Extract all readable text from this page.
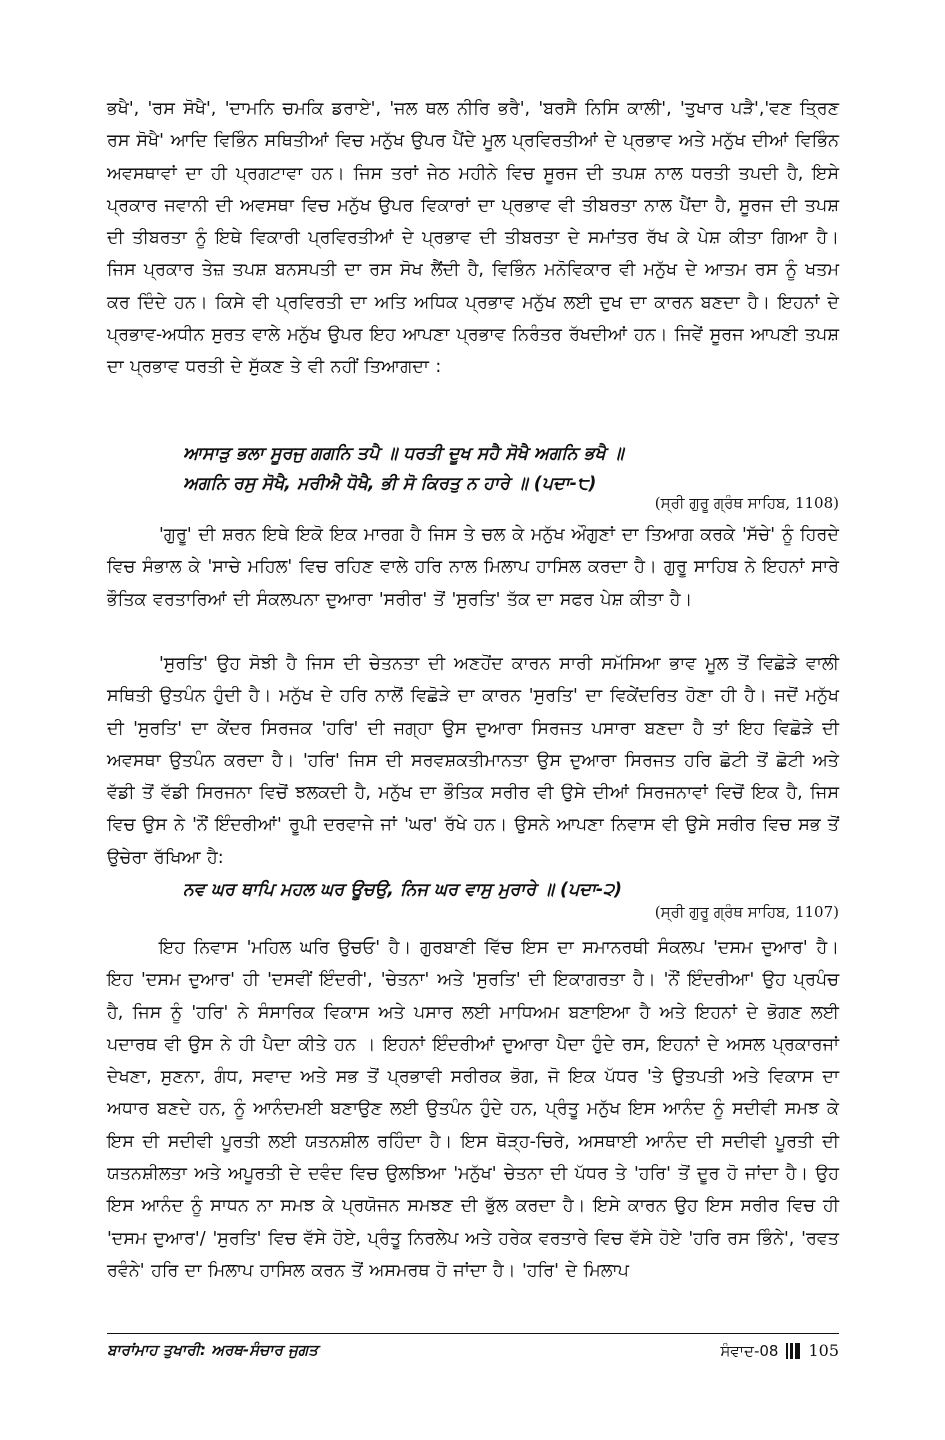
ਭਖੈ', 'ਰਸ ਸੋਖੈ', 'ਦਾਮਨਿ ਚਮਕਿ ਡਰਾਏ', 'ਜਲ ਥਲ ਨੀਰਿ ਭਰੈ', 'ਬਰਸੈ ਨਿਸਿ ਕਾਲੀ', 'ਤੁਖਾਰ ਪੜੈ','ਵਣ ਤ੍ਰਿਣ ਰਸ ਸੋਖੈ' ਆਦਿ ਵਿਭਿੰਨ ਸਥਿਤੀਆਂ ਵਿਚ ਮਨੁੱਖ ਉਪਰ ਪੈਂਦੇ ਮੂਲ ਪ੍ਰਵਿਰਤੀਆਂ ਦੇ ਪ੍ਰਭਾਵ ਅਤੇ ਮਨੁੱਖ ਦੀਆਂ ਵਿਭਿੰਨ ਅਵਸਥਾਵਾਂ ਦਾ ਹੀ ਪ੍ਰਗਟਾਵਾ ਹਨ। ਜਿਸ ਤਰਾਂ ਜੇਠ ਮਹੀਨੇ ਵਿਚ ਸੂਰਜ ਦੀ ਤਪਸ਼ ਨਾਲ ਧਰਤੀ ਤਪਦੀ ਹੈ, ਇਸੇ ਪ੍ਰਕਾਰ ਜਵਾਨੀ ਦੀ ਅਵਸਥਾ ਵਿਚ ਮਨੁੱਖ ਉਪਰ ਵਿਕਾਰਾਂ ਦਾ ਪ੍ਰਭਾਵ ਵੀ ਤੀਬਰਤਾ ਨਾਲ ਪੈਂਦਾ ਹੈ, ਸੂਰਜ ਦੀ ਤਪਸ਼ ਦੀ ਤੀਬਰਤਾ ਨੂੰ ਇਥੇ ਵਿਕਾਰੀ ਪ੍ਰਵਿਰਤੀਆਂ ਦੇ ਪ੍ਰਭਾਵ ਦੀ ਤੀਬਰਤਾ ਦੇ ਸਮਾਂਤਰ ਰੱਖ ਕੇ ਪੇਸ਼ ਕੀਤਾ ਗਿਆ ਹੈ। ਜਿਸ ਪ੍ਰਕਾਰ ਤੇਜ਼ ਤਪਸ਼ ਬਨਸਪਤੀ ਦਾ ਰਸ ਸੋਖ ਲੈਂਦੀ ਹੈ, ਵਿਭਿੰਨ ਮਨੋਵਿਕਾਰ ਵੀ ਮਨੁੱਖ ਦੇ ਆਤਮ ਰਸ ਨੂੰ ਖਤਮ ਕਰ ਦਿੰਦੇ ਹਨ। ਕਿਸੇ ਵੀ ਪ੍ਰਵਿਰਤੀ ਦਾ ਅਤਿ ਅਧਿਕ ਪ੍ਰਭਾਵ ਮਨੁੱਖ ਲਈ ਦੁਖ ਦਾ ਕਾਰਨ ਬਣਦਾ ਹੈ। ਇਹਨਾਂ ਦੇ ਪ੍ਰਭਾਵ-ਅਧੀਨ ਸੁਰਤ ਵਾਲੇ ਮਨੁੱਖ ਉਪਰ ਇਹ ਆਪਣਾ ਪ੍ਰਭਾਵ ਨਿਰੰਤਰ ਰੱਖਦੀਆਂ ਹਨ। ਜਿਵੇਂ ਸੂਰਜ ਆਪਣੀ ਤਪਸ਼ ਦਾ ਪ੍ਰਭਾਵ ਧਰਤੀ ਦੇ ਸੁੱਕਣ ਤੇ ਵੀ ਨਹੀਂ ਤਿਆਗਦਾ :

ਆਸਾੜੁ ਭਲਾ ਸੂਰਜੁ ਗਗਨਿ ਤਪੈ ॥ ਧਰਤੀ ਦੂਖ ਸਹੈ ਸੋਖੈ ਅਗਨਿ ਭਖੈ ॥
ਅਗਨਿ ਰਸੁ ਸੋਖੈ, ਮਰੀਐ ਧੋਖੈ, ਭੀ ਸੋ ਕਿਰਤੁ ਨ ਹਾਰੇ ॥ (ਪਦਾ-੮)
(ਸ੍ਰੀ ਗੁਰੂ ਗ੍ਰੰਥ ਸਾਹਿਬ, 1108)

'ਗੁਰੂ' ਦੀ ਸ਼ਰਨ ਇਥੇ ਇਕੋ ਇਕ ਮਾਰਗ ਹੈ ਜਿਸ ਤੇ ਚਲ ਕੇ ਮਨੁੱਖ ਔਗੁਣਾਂ ਦਾ ਤਿਆਗ ਕਰਕੇ 'ਸੱਚੇ' ਨੂੰ ਹਿਰਦੇ ਵਿਚ ਸੰਭਾਲ ਕੇ 'ਸਾਚੇ ਮਹਿਲ' ਵਿਚ ਰਹਿਣ ਵਾਲੇ ਹਰਿ ਨਾਲ ਮਿਲਾਪ ਹਾਸਿਲ ਕਰਦਾ ਹੈ। ਗੁਰੂ ਸਾਹਿਬ ਨੇ ਇਹਨਾਂ ਸਾਰੇ ਭੌਤਿਕ ਵਰਤਾਰਿਆਂ ਦੀ ਸੰਕਲਪਨਾ ਦੁਆਰਾ 'ਸਰੀਰ' ਤੋਂ 'ਸੁਰਤਿ' ਤੱਕ ਦਾ ਸਫਰ ਪੇਸ਼ ਕੀਤਾ ਹੈ।

'ਸੁਰਤਿ' ਉਹ ਸੋਝੀ ਹੈ ਜਿਸ ਦੀ ਚੇਤਨਤਾ ਦੀ ਅਣਹੋਂਦ ਕਾਰਨ ਸਾਰੀ ਸਮੱਸਿਆ ਭਾਵ ਮੂਲ ਤੋਂ ਵਿਛੋੜੇ ਵਾਲੀ ਸਥਿਤੀ ਉਤਪੰਨ ਹੁੰਦੀ ਹੈ। ਮਨੁੱਖ ਦੇ ਹਰਿ ਨਾਲੋਂ ਵਿਛੋੜੇ ਦਾ ਕਾਰਨ 'ਸੁਰਤਿ' ਦਾ ਵਿਕੇਂਦਰਿਤ ਹੋਣਾ ਹੀ ਹੈ। ਜਦੋਂ ਮਨੁੱਖ ਦੀ 'ਸੁਰਤਿ' ਦਾ ਕੇਂਦਰ ਸਿਰਜਕ 'ਹਰਿ' ਦੀ ਜਗ੍ਹਾ ਉਸ ਦੁਆਰਾ ਸਿਰਜਤ ਪਸਾਰਾ ਬਣਦਾ ਹੈ ਤਾਂ ਇਹ ਵਿਛੋੜੇ ਦੀ ਅਵਸਥਾ ਉਤਪੰਨ ਕਰਦਾ ਹੈ। 'ਹਰਿ' ਜਿਸ ਦੀ ਸਰਵਸ਼ਕਤੀਮਾਨਤਾ ਉਸ ਦੁਆਰਾ ਸਿਰਜਤ ਹਰਿ ਛੋਟੀ ਤੋਂ ਛੋਟੀ ਅਤੇ ਵੱਡੀ ਤੋਂ ਵੱਡੀ ਸਿਰਜਨਾ ਵਿਚੋਂ ਝਲਕਦੀ ਹੈ, ਮਨੁੱਖ ਦਾ ਭੌਤਿਕ ਸਰੀਰ ਵੀ ਉਸੇ ਦੀਆਂ ਸਿਰਜਨਾਵਾਂ ਵਿਚੋਂ ਇਕ ਹੈ, ਜਿਸ ਵਿਚ ਉਸ ਨੇ 'ਨੌਂ ਇੰਦਰੀਆਂ' ਰੂਪੀ ਦਰਵਾਜੇ ਜਾਂ 'ਘਰ' ਰੱਖੇ ਹਨ। ਉਸਨੇ ਆਪਣਾ ਨਿਵਾਸ ਵੀ ਉਸੇ ਸਰੀਰ ਵਿਚ ਸਭ ਤੋਂ ਉਚੇਰਾ ਰੱਖਿਆ ਹੈ:

ਨਵ ਘਰ ਥਾਪਿ ਮਹਲ ਘਰ ਊਚਉ, ਨਿਜ ਘਰ ਵਾਸੁ ਮੁਰਾਰੇ ॥ (ਪਦਾ-੨)
(ਸ੍ਰੀ ਗੁਰੂ ਗ੍ਰੰਥ ਸਾਹਿਬ, 1107)

ਇਹ ਨਿਵਾਸ 'ਮਹਿਲ ਘਰਿ ਉਚਓ' ਹੈ। ਗੁਰਬਾਣੀ ਵਿੱਚ ਇਸ ਦਾ ਸਮਾਨਰਥੀ ਸੰਕਲਪ 'ਦਸਮ ਦੁਆਰ' ਹੈ। ਇਹ 'ਦਸਮ ਦੁਆਰ' ਹੀ 'ਦਸਵੀਂ ਇੰਦਰੀ', 'ਚੇਤਨਾ' ਅਤੇ 'ਸੁਰਤਿ' ਦੀ ਇਕਾਗਰਤਾ ਹੈ। 'ਨੌਂ ਇੰਦਰੀਆ' ਉਹ ਪ੍ਰਪੰਚ ਹੈ, ਜਿਸ ਨੂੰ 'ਹਰਿ' ਨੇ ਸੰਸਾਰਿਕ ਵਿਕਾਸ ਅਤੇ ਪਸਾਰ ਲਈ ਮਾਧਿਅਮ ਬਣਾਇਆ ਹੈ ਅਤੇ ਇਹਨਾਂ ਦੇ ਭੋਗਣ ਲਈ ਪਦਾਰਥ ਵੀ ਉਸ ਨੇ ਹੀ ਪੈਦਾ ਕੀਤੇ ਹਨ । ਇਹਨਾਂ ਇੰਦਰੀਆਂ ਦੁਆਰਾ ਪੈਦਾ ਹੁੰਦੇ ਰਸ, ਇਹਨਾਂ ਦੇ ਅਸਲ ਪ੍ਰਕਾਰਜਾਂ ਦੇਖਣਾ, ਸੁਣਨਾ, ਗੰਧ, ਸਵਾਦ ਅਤੇ ਸਭ ਤੋਂ ਪ੍ਰਭਾਵੀ ਸਰੀਰਕ ਭੋਗ, ਜੋ ਇਕ ਪੱਧਰ 'ਤੇ ਉਤਪਤੀ ਅਤੇ ਵਿਕਾਸ ਦਾ ਅਧਾਰ ਬਣਦੇ ਹਨ, ਨੂੰ ਆਨੰਦਮਈ ਬਣਾਉਣ ਲਈ ਉਤਪੰਨ ਹੁੰਦੇ ਹਨ, ਪ੍ਰੰਤੂ ਮਨੁੱਖ ਇਸ ਆਨੰਦ ਨੂੰ ਸਦੀਵੀ ਸਮਝ ਕੇ ਇਸ ਦੀ ਸਦੀਵੀ ਪੂਰਤੀ ਲਈ ਯਤਨਸ਼ੀਲ ਰਹਿੰਦਾ ਹੈ। ਇਸ ਥੋੜ੍ਹ-ਚਿਰੇ, ਅਸਥਾਈ ਆਨੰਦ ਦੀ ਸਦੀਵੀ ਪੂਰਤੀ ਦੀ ਯਤਨਸ਼ੀਲਤਾ ਅਤੇ ਅਪੂਰਤੀ ਦੇ ਦਵੰਦ ਵਿਚ ਉਲਝਿਆ 'ਮਨੁੱਖ' ਚੇਤਨਾ ਦੀ ਪੱਧਰ ਤੇ 'ਹਰਿ' ਤੋਂ ਦੂਰ ਹੋ ਜਾਂਦਾ ਹੈ। ਉਹ ਇਸ ਆਨੰਦ ਨੂੰ ਸਾਧਨ ਨਾ ਸਮਝ ਕੇ ਪ੍ਰਯੋਜਨ ਸਮਝਣ ਦੀ ਭੁੱਲ ਕਰਦਾ ਹੈ। ਇਸੇ ਕਾਰਨ ਉਹ ਇਸ ਸਰੀਰ ਵਿਚ ਹੀ 'ਦਸਮ ਦੁਆਰ'/ 'ਸੁਰਤਿ' ਵਿਚ ਵੱਸੇ ਹੋਏ, ਪ੍ਰੰਤੂ ਨਿਰਲੇਪ ਅਤੇ ਹਰੇਕ ਵਰਤਾਰੇ ਵਿਚ ਵੱਸੇ ਹੋਏ 'ਹਰਿ ਰਸ ਭਿੰਨੇ', 'ਰਵਤ ਰਵੰਨੇ' ਹਰਿ ਦਾ ਮਿਲਾਪ ਹਾਸਿਲ ਕਰਨ ਤੋਂ ਅਸਮਰਥ ਹੋ ਜਾਂਦਾ ਹੈ। 'ਹਰਿ' ਦੇ ਮਿਲਾਪ

ਬਾਰਾਂਮਾਹ ਤੁਖਾਰੀ: ਅਰਥ-ਸੰਚਾਰ ਜੁਗਤ	ਸੰਵਾਦ-08 105
